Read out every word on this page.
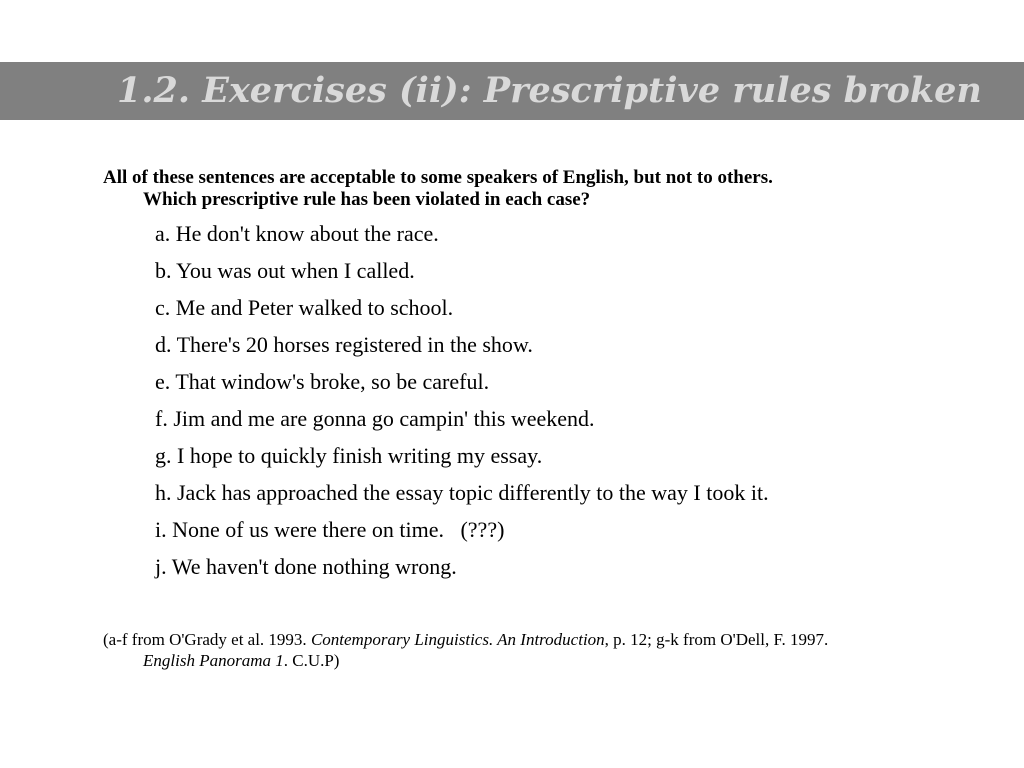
1.2. Exercises (ii): Prescriptive rules broken
All of these sentences are acceptable to some speakers of English, but not to others.
Which prescriptive rule has been violated in each case?
a. He don't know about the race.
b. You was out when I called.
c. Me and Peter walked to school.
d. There's 20 horses registered in the show.
e. That window's broke, so be careful.
f. Jim and me are gonna go campin' this weekend.
g. I hope to quickly finish writing my essay.
h. Jack has approached the essay topic differently to the way I took it.
i. None of us were there on time.   (???)
j. We haven't done nothing wrong.
(a-f from O'Grady et al. 1993. Contemporary Linguistics. An Introduction, p. 12; g-k from O'Dell, F. 1997.
English Panorama 1. C.U.P)
